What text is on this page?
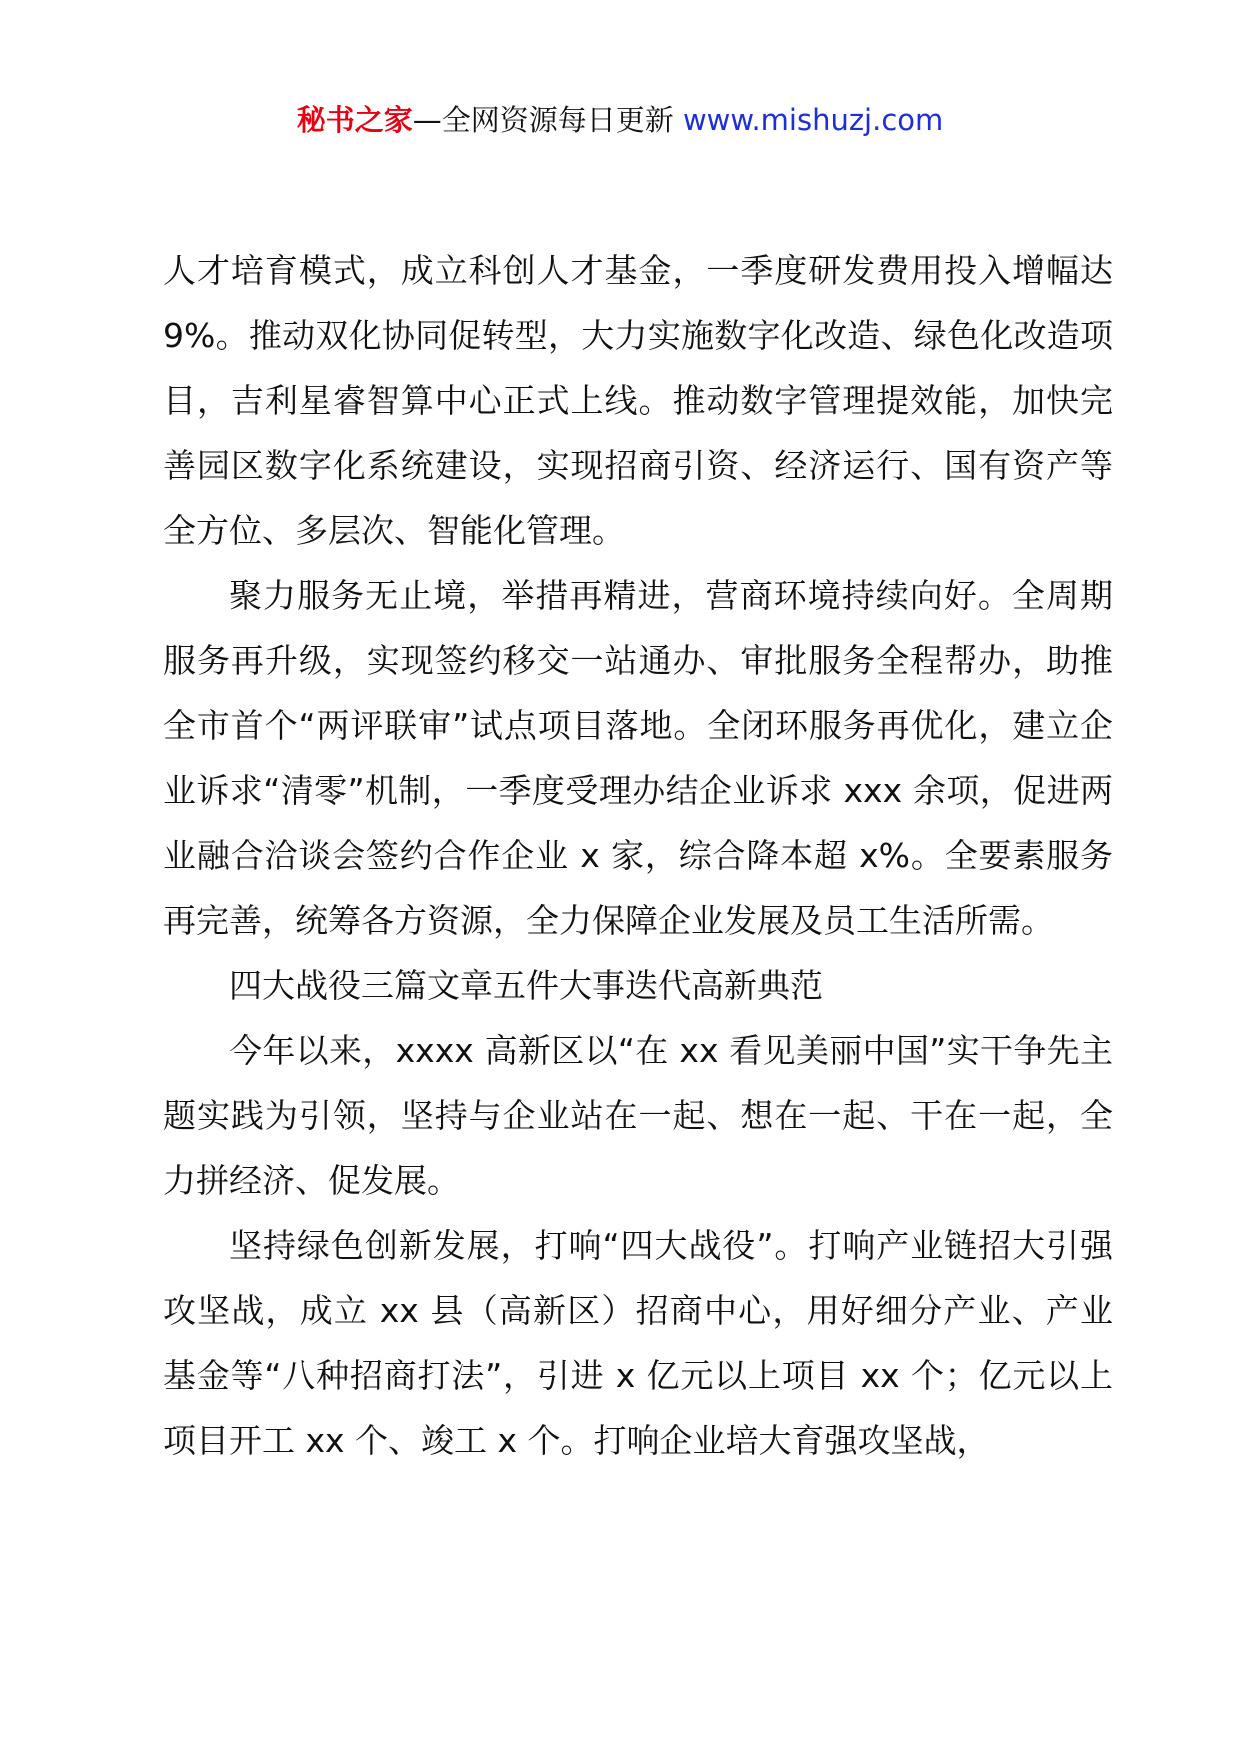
秘书之家—全网资源每日更新 www.mishuzj.com

人才培育模式，成立科创人才基金，一季度研发费用投入增幅达 9%。推动双化协同促转型，大力实施数字化改造、绿色化改造项目，吉利星睿智算中心正式上线。推动数字管理提效能，加快完善园区数字化系统建设，实现招商引资、经济运行、国有资产等全方位、多层次、智能化管理。

聚力服务无止境，举措再精进，营商环境持续向好。全周期服务再升级，实现签约移交一站通办、审批服务全程帮办，助推全市首个“两评联审”试点项目落地。全闭环服务再优化，建立企业诉求“清零”机制，一季度受理办结企业诉求 xxx 余项，促进两业融合洽谈会签约合作企业 x 家，综合降本超 x%。全要素服务再完善，统筹各方资源，全力保障企业发展及员工生活所需。

四大战役三篇文章五件大事迭代高新典范

今年以来，xxxx 高新区以“在 xx 看见美丽中国”实干争先主题实践为引领，坚持与企业站在一起、想在一起、干在一起，全力拼经济、促发展。

坚持绿色创新发展，打响“四大战役”。打响产业链招大引强攻坚战，成立 xx 县（高新区）招商中心，用好细分产业、产业基金等“八种招商打法”，引进 x 亿元以上项目 xx 个；亿元以上项目开工 xx 个、竣工 x 个。打响企业培大育强攻坚战，
